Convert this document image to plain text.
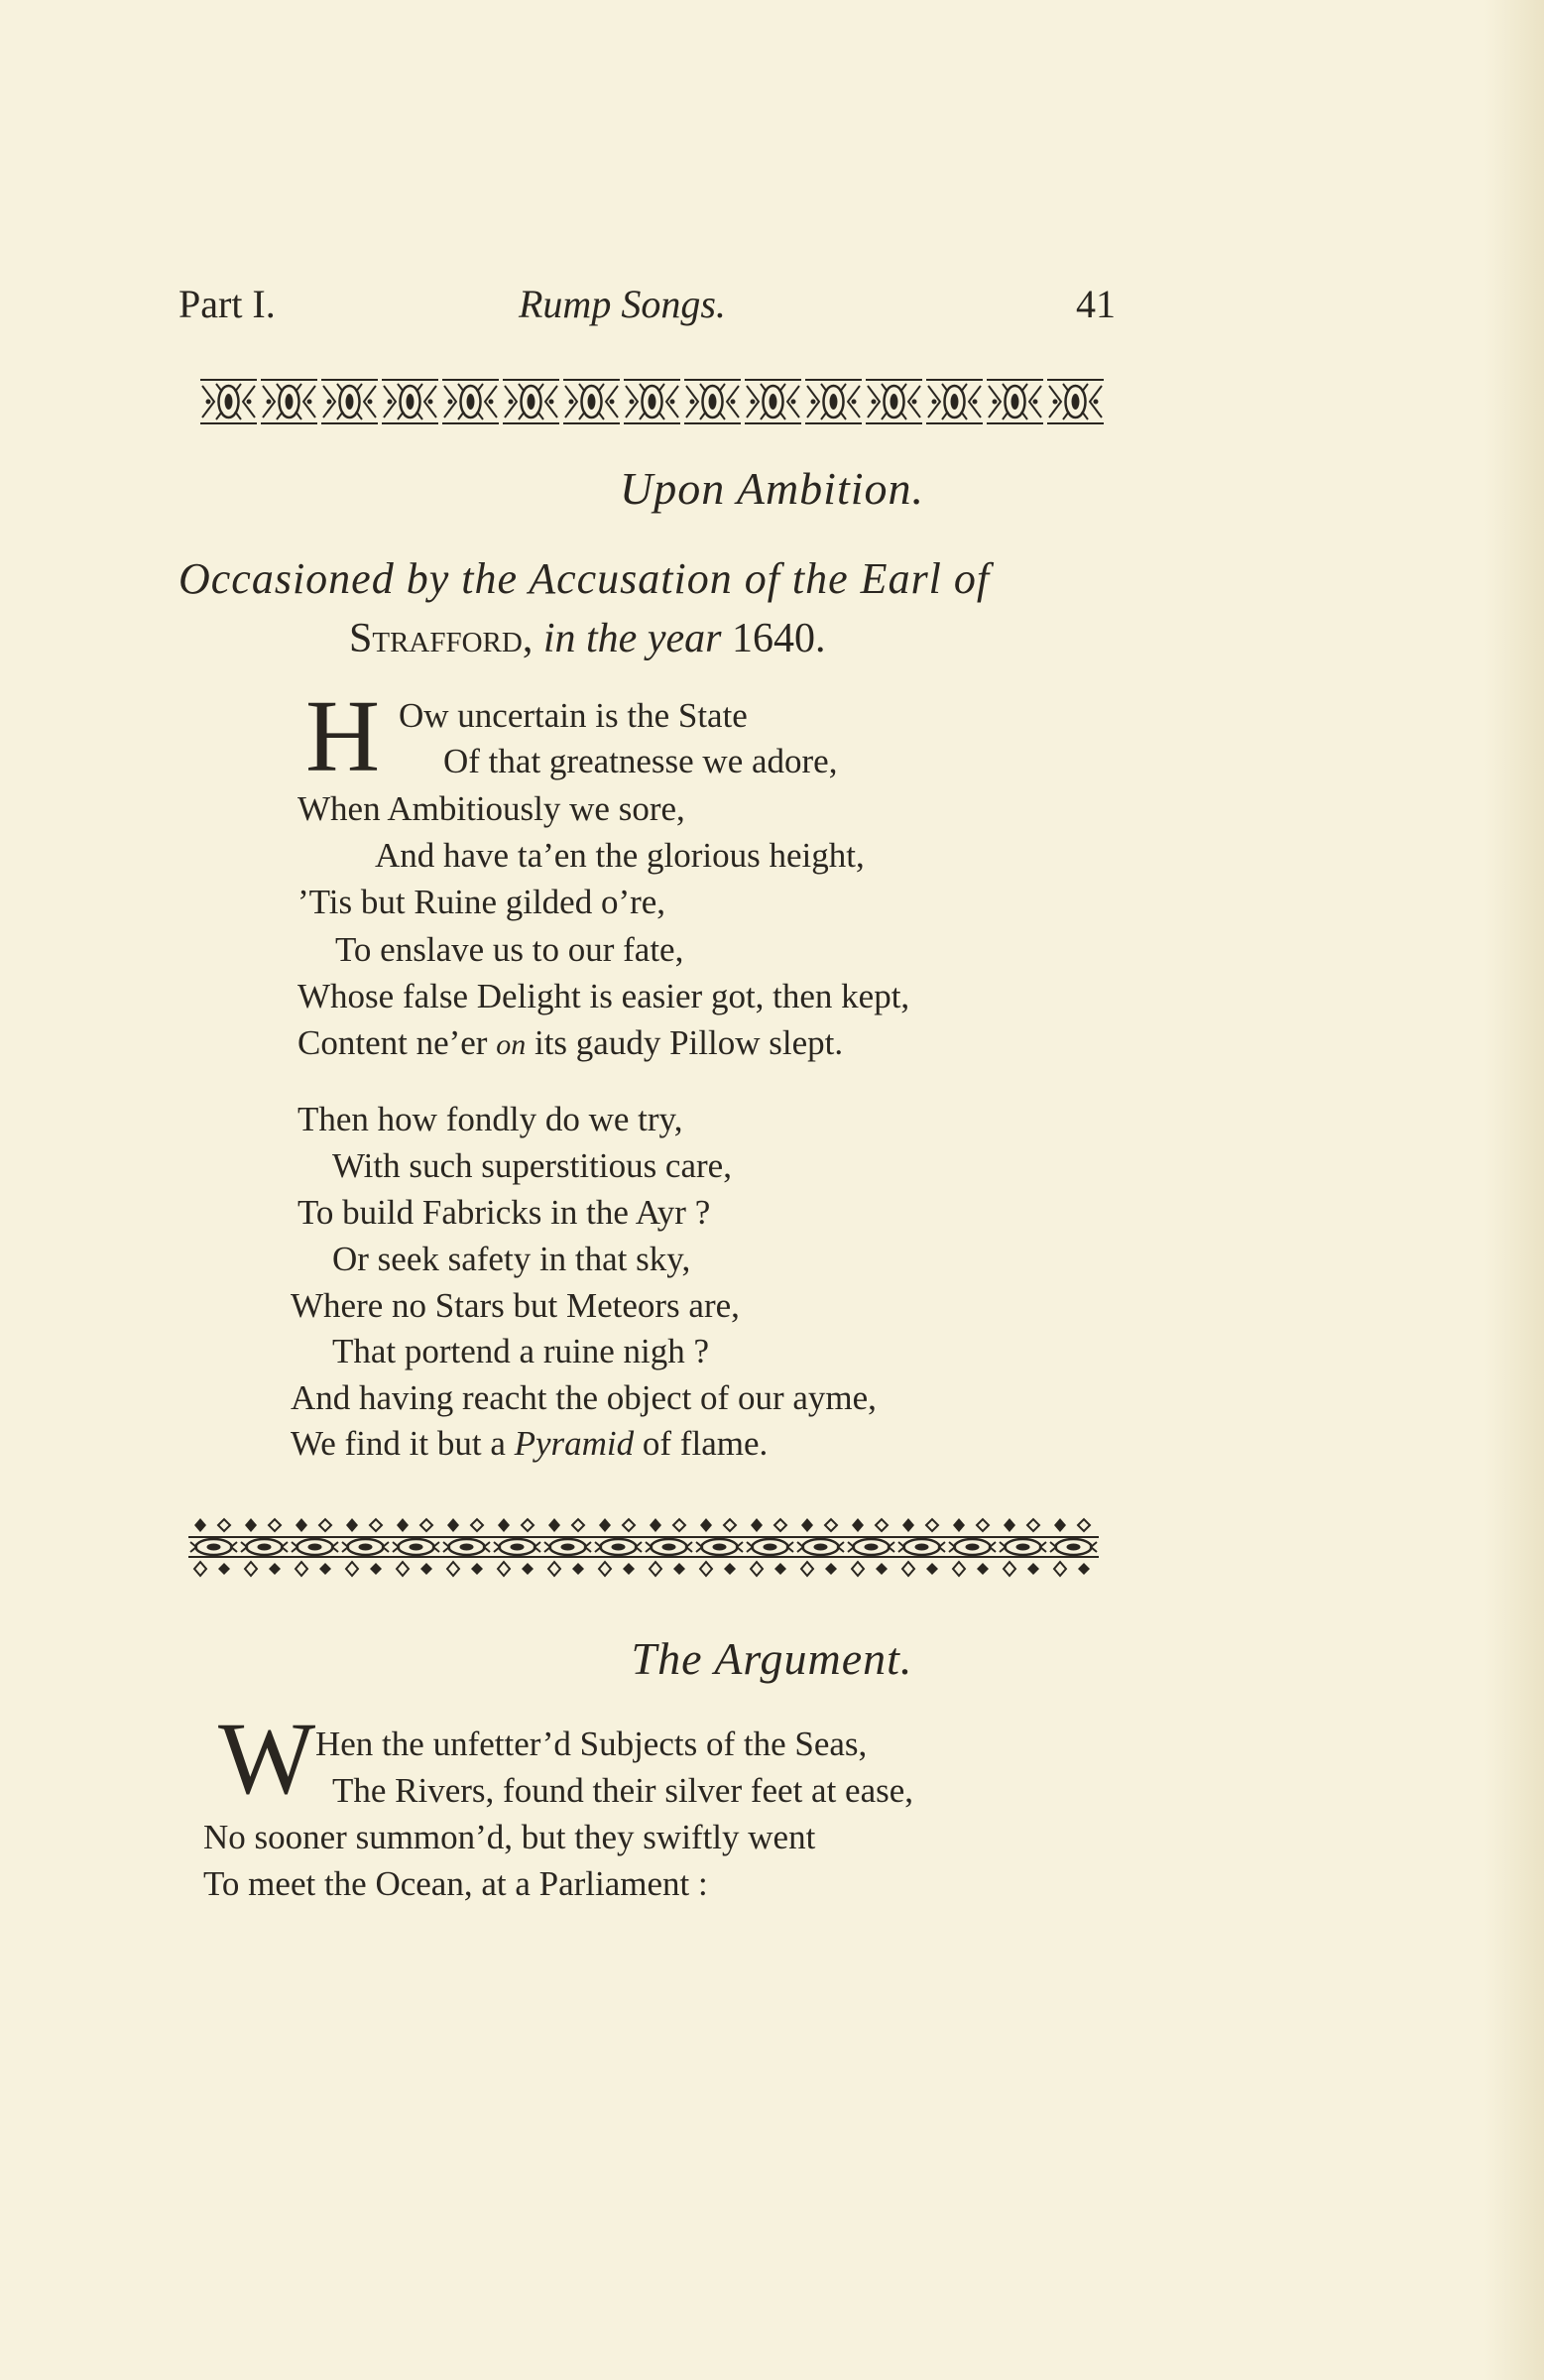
Part I.	Rump Songs.	41
Upon Ambition.
Occasioned by the Accusation of the Earl of
Strafford, in the year 1640.
H Ow uncertain is the State
Of that greatnesse we adore,
When Ambitiously we sore,
And have ta’en the glorious height,
’Tis but Ruine gilded o’re,
To enslave us to our fate,
Whose false Delight is easier got, then kept,
Content ne’er on its gaudy Pillow slept.
Then how fondly do we try,
With such superstitious care,
To build Fabricks in the Ayr ?
Or seek safety in that sky,
Where no Stars but Meteors are,
That portend a ruine nigh ?
And having reacht the object of our ayme,
We find it but a Pyramid of flame.
The Argument.
W Hen the unfetter’d Subjects of the Seas,
The Rivers, found their silver feet at ease,
No sooner summon’d, but they swiftly went
To meet the Ocean, at a Parliament :
